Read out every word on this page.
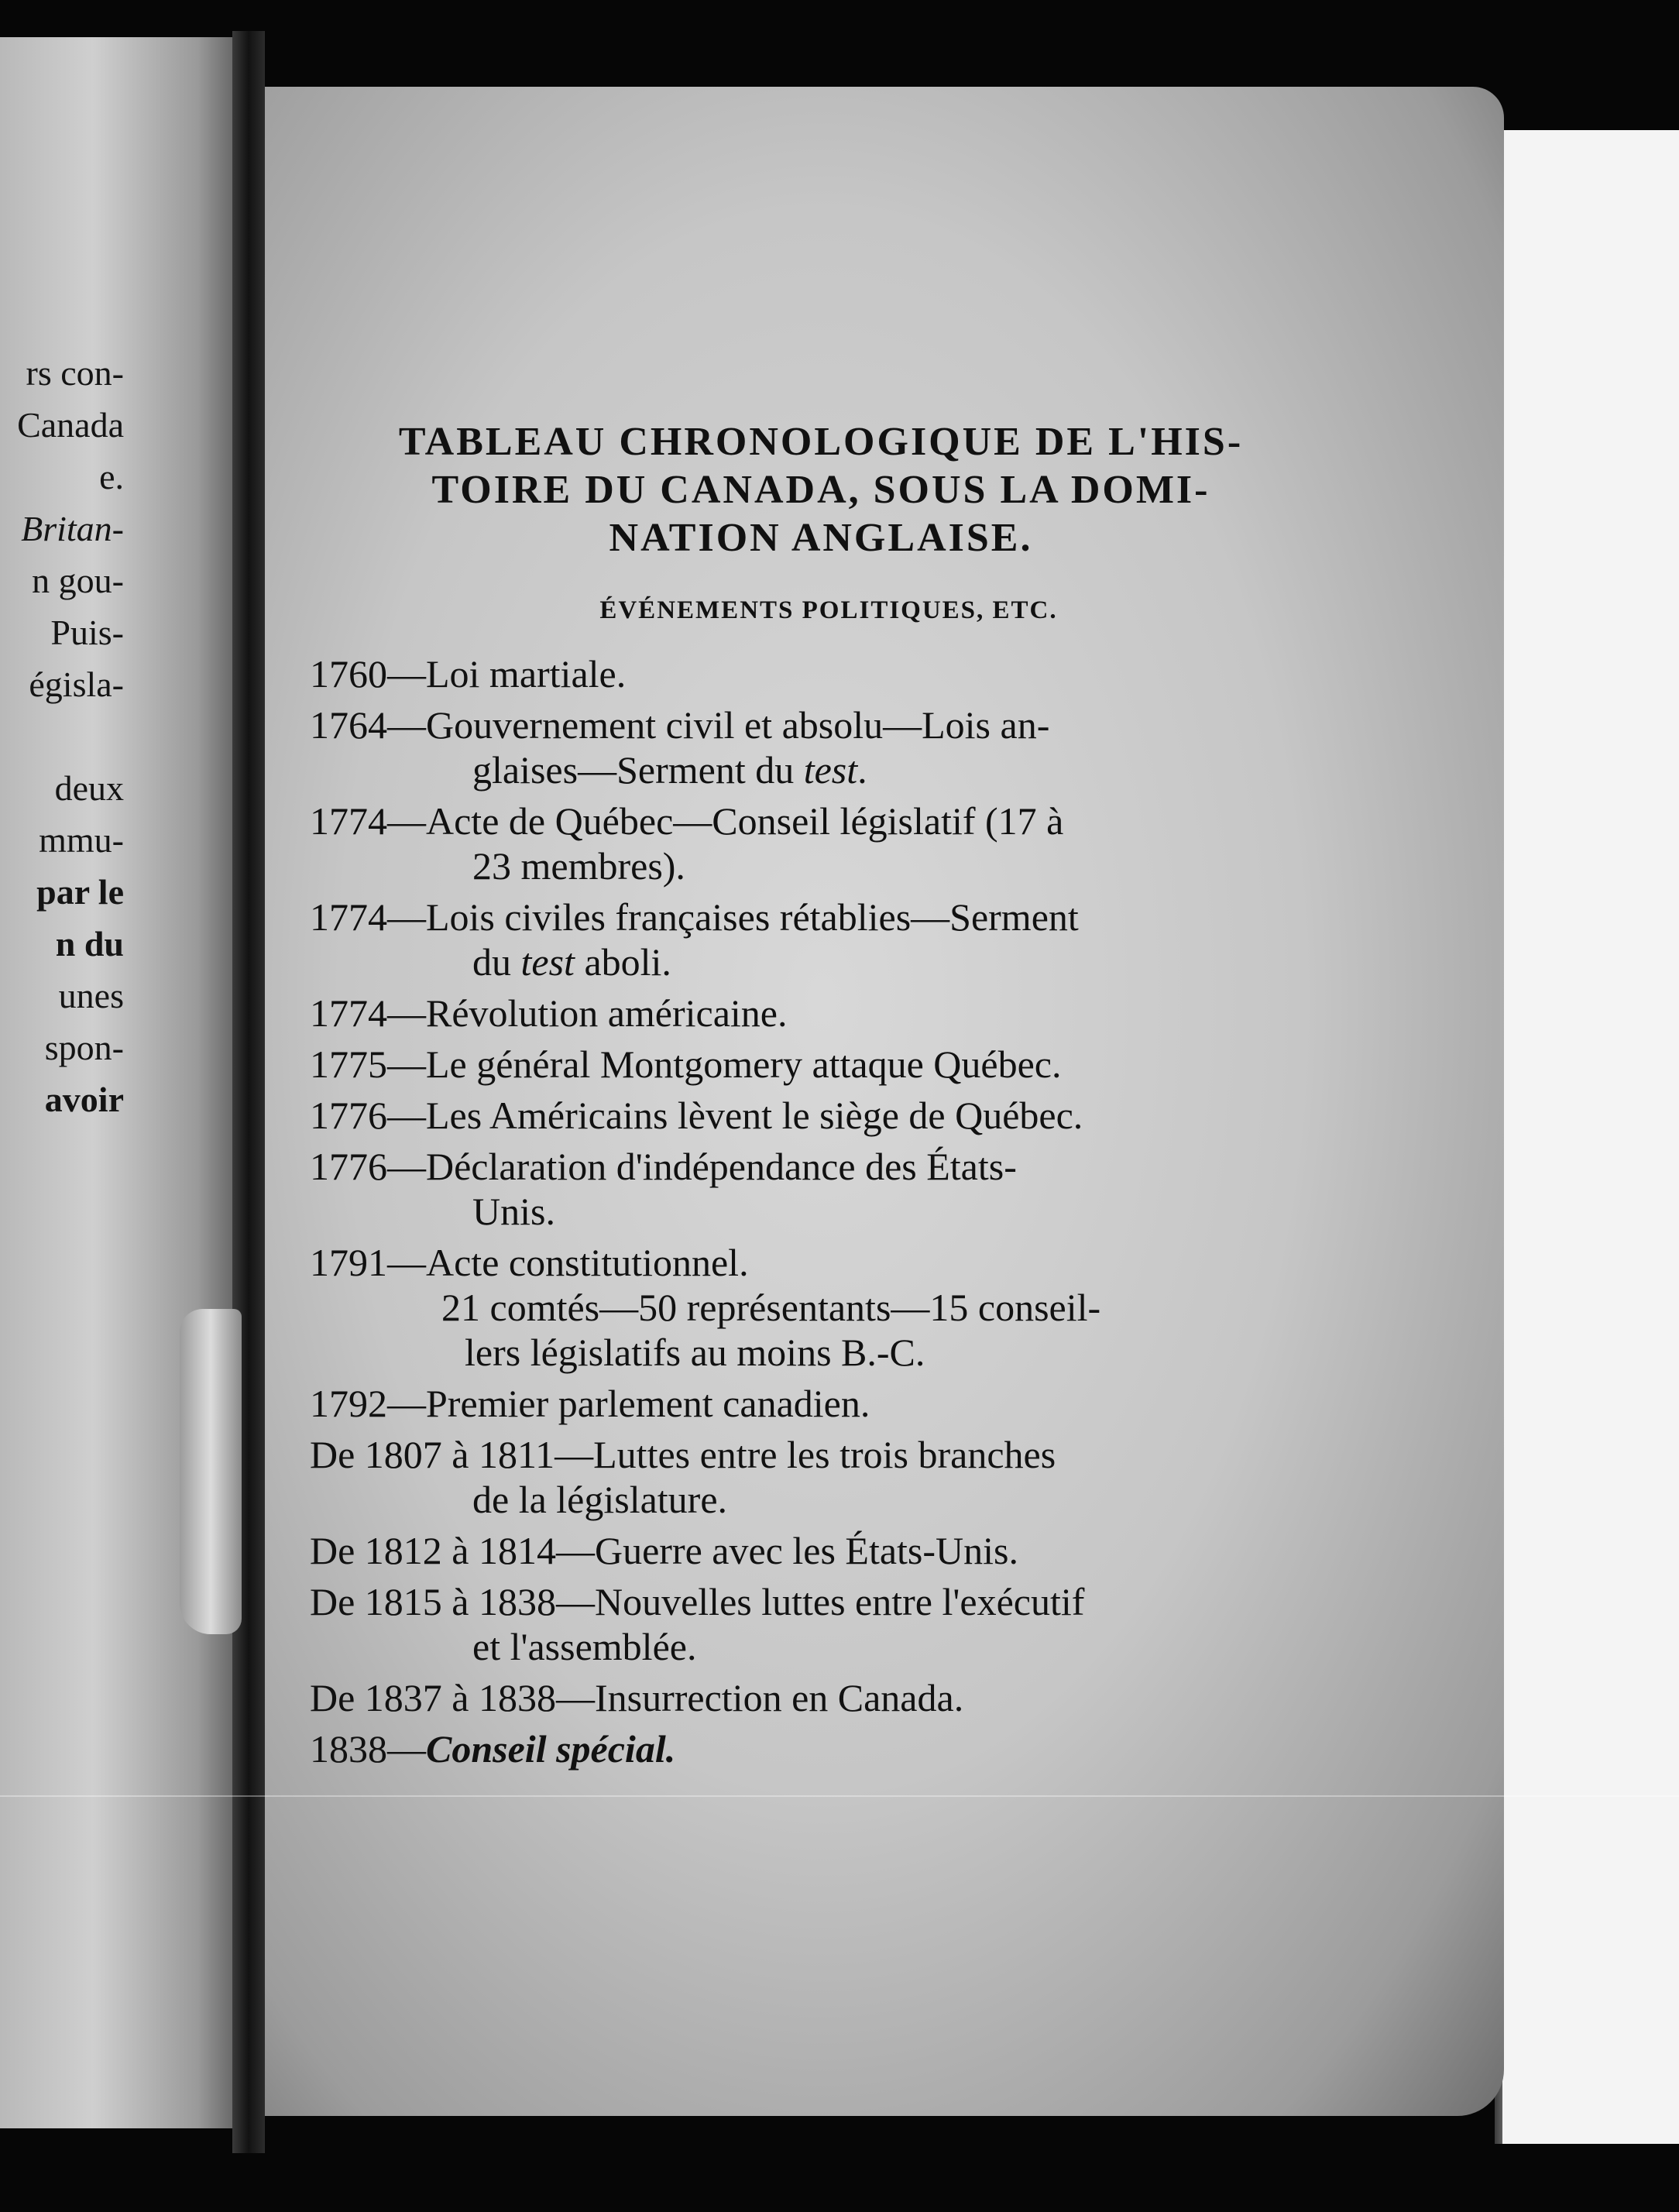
rs con-
Canada
e.
Britan-
n gou-
Puis-
égisla-

deux
mmu-
par le
n du
unes
spon-
avoir
TABLEAU CHRONOLOGIQUE DE L'HIS-
TOIRE DU CANADA, SOUS LA DOMI-
NATION ANGLAISE.
ÉVÉNEMENTS POLITIQUES, ETC.
1760—Loi martiale.
1764—Gouvernement civil et absolu—Lois an-
glaises—Serment du test.
1774—Acte de Québec—Conseil législatif (17 à
23 membres).
1774—Lois civiles françaises rétablies—Serment
du test aboli.
1774—Révolution américaine.
1775—Le général Montgomery attaque Québec.
1776—Les Américains lèvent le siège de Québec.
1776—Déclaration d'indépendance des États-
Unis.
1791—Acte constitutionnel.
21 comtés—50 représentants—15 conseil-
lers législatifs au moins B.-C.
1792—Premier parlement canadien.
De 1807 à 1811—Luttes entre les trois branches
de la législature.
De 1812 à 1814—Guerre avec les États-Unis.
De 1815 à 1838—Nouvelles luttes entre l'exécutif
et l'assemblée.
De 1837 à 1838—Insurrection en Canada.
1838—Conseil spécial.
